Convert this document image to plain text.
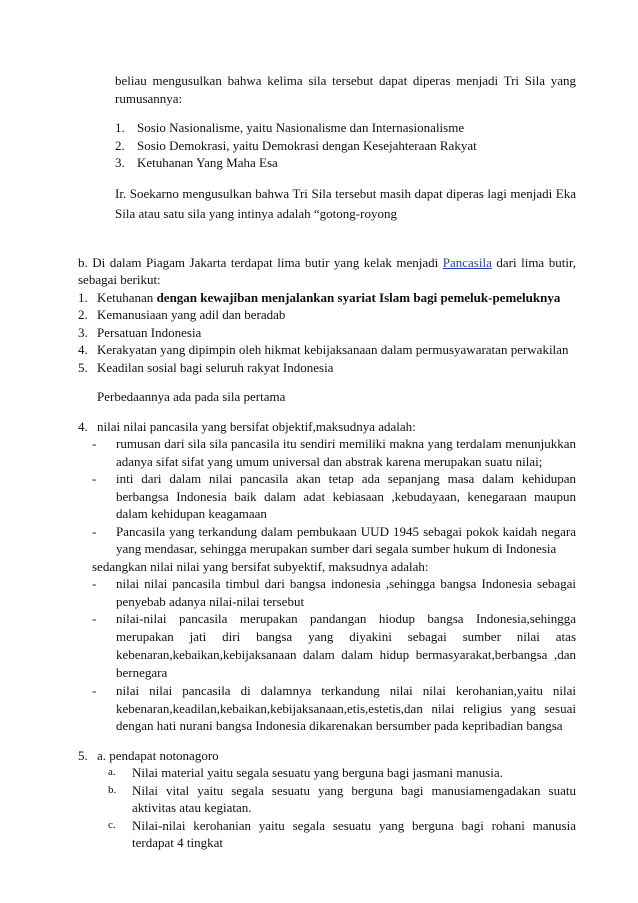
beliau mengusulkan bahwa kelima sila tersebut dapat diperas menjadi Tri Sila yang rumusannya:

1. Sosio Nasionalisme, yaitu Nasionalisme dan Internasionalisme
2. Sosio Demokrasi, yaitu Demokrasi dengan Kesejahteraan Rakyat
3. Ketuhanan Yang Maha Esa

Ir. Soekarno mengusulkan bahwa Tri Sila tersebut masih dapat diperas lagi menjadi Eka Sila atau satu sila yang intinya adalah “gotong-royong

b. Di dalam Piagam Jakarta terdapat lima butir yang kelak menjadi Pancasila dari lima butir, sebagai berikut:

1. Ketuhanan dengan kewajiban menjalankan syariat Islam bagi pemeluk-pemeluknya
2. Kemanusiaan yang adil dan beradab
3. Persatuan Indonesia
4. Kerakyatan yang dipimpin oleh hikmat kebijaksanaan dalam permusyawaratan perwakilan
5. Keadilan sosial bagi seluruh rakyat Indonesia

Perbedaannya ada pada sila pertama

4. nilai nilai pancasila yang bersifat objektif,maksudnya adalah:
-	rumusan dari sila sila pancasila itu sendiri memiliki makna yang terdalam menunjukkan adanya sifat sifat yang umum universal dan abstrak karena merupakan suatu nilai;
-	inti dari dalam nilai pancasila akan tetap ada sepanjang masa dalam kehidupan berbangsa Indonesia baik dalam adat kebiasaan ,kebudayaan, kenegaraan maupun dalam kehidupan keagamaan
-	Pancasila yang terkandung dalam pembukaan UUD 1945 sebagai pokok kaidah negara yang mendasar, sehingga merupakan sumber dari segala sumber hukum di Indonesia

sedangkan nilai nilai yang bersifat subyektif, maksudnya adalah:

-	nilai nilai pancasila timbul dari bangsa indonesia ,sehingga bangsa Indonesia sebagai penyebab adanya nilai-nilai tersebut
-	nilai-nilai pancasila merupakan pandangan hiodup bangsa Indonesia,sehingga merupakan jati diri bangsa yang diyakini sebagai sumber nilai atas kebenaran,kebaikan,kebijaksanaan dalam dalam hidup bermasyarakat,berbangsa ,dan bernegara
-	nilai nilai pancasila di dalamnya terkandung nilai nilai kerohanian,yaitu nilai kebenaran,keadilan,kebaikan,kebijaksanaan,etis,estetis,dan nilai religius yang sesuai dengan hati nurani bangsa Indonesia dikarenakan bersumber pada kepribadian bangsa
5. a. pendapat notonagoro
a.	Nilai material yaitu segala sesuatu yang berguna bagi jasmani manusia.
b.	Nilai vital yaitu segala sesuatu yang berguna bagi manusiamengadakan suatu aktivitas atau kegiatan.
c.	Nilai-nilai kerohanian yaitu segala sesuatu yang berguna bagi rohani manusia terdapat 4 tingkat
